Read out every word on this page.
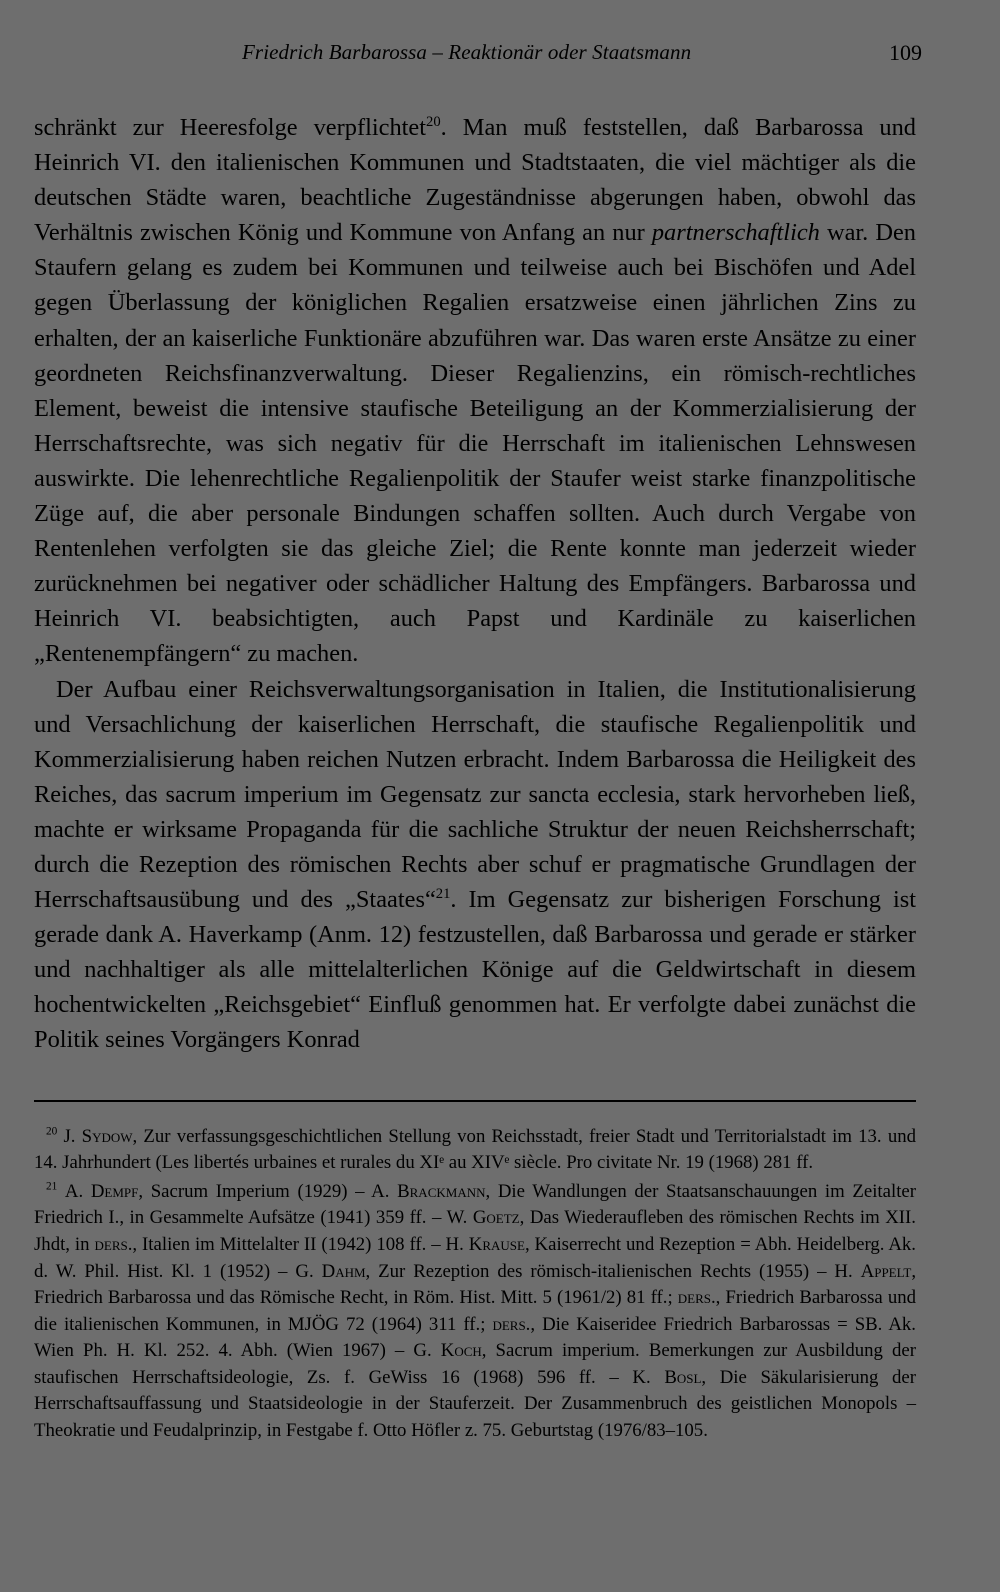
Friedrich Barbarossa – Reaktionär oder Staatsmann	109

schränkt zur Heeresfolge verpflichtet$^{20}$. Man muß feststellen, daß Barbarossa und Heinrich VI. den italienischen Kommunen und Stadtstaaten, die viel mächtiger als die deutschen Städte waren, beachtliche Zugeständnisse abgerungen haben, obwohl das Verhältnis zwischen König und Kommune von Anfang an nur partnerschaftlich war. Den Staufern gelang es zudem bei Kommunen und teilweise auch bei Bischöfen und Adel gegen Überlassung der königlichen Regalien ersatzweise einen jährlichen Zins zu erhalten, der an kaiserliche Funktionäre abzuführen war. Das waren erste Ansätze zu einer geordneten Reichsfinanzverwaltung. Dieser Regalienzins, ein römisch-rechtliches Element, beweist die intensive staufische Beteiligung an der Kommerzialisierung der Herrschaftsrechte, was sich negativ für die Herrschaft im italienischen Lehnswesen auswirkte. Die lehenrechtliche Regalienpolitik der Staufer weist starke finanzpolitische Züge auf, die aber personale Bindungen schaffen sollten. Auch durch Vergabe von Rentenlehen verfolgten sie das gleiche Ziel; die Rente konnte man jederzeit wieder zurücknehmen bei negativer oder schädlicher Haltung des Empfängers. Barbarossa und Heinrich VI. beabsichtigten, auch Papst und Kardinäle zu kaiserlichen „Rentenempfängern“ zu machen.

Der Aufbau einer Reichsverwaltungsorganisation in Italien, die Institutionalisierung und Versachlichung der kaiserlichen Herrschaft, die staufische Regalienpolitik und Kommerzialisierung haben reichen Nutzen erbracht. Indem Barbarossa die Heiligkeit des Reiches, das sacrum imperium im Gegensatz zur sancta ecclesia, stark hervorheben ließ, machte er wirksame Propaganda für die sachliche Struktur der neuen Reichsherrschaft; durch die Rezeption des römischen Rechts aber schuf er pragmatische Grundlagen der Herrschaftsausübung und des „Staates“$^{21}$. Im Gegensatz zur bisherigen Forschung ist gerade dank A. Haverkamp (Anm. 12) festzustellen, daß Barbarossa und gerade er stärker und nachhaltiger als alle mittelalterlichen Könige auf die Geldwirtschaft in diesem hochentwickelten „Reichsgebiet“ Einfluß genommen hat. Er verfolgte dabei zunächst die Politik seines Vorgängers Konrad

$^{20}$ J. Sydow, Zur verfassungsgeschichtlichen Stellung von Reichsstadt, freier Stadt und Territorialstadt im 13. und 14. Jahrhundert (Les libertés urbaines et rurales du XIᵉ au XIVᵉ siècle. Pro civitate Nr. 19 (1968) 281 ff.

$^{21}$ A. Dempf, Sacrum Imperium (1929) – A. Brackmann, Die Wandlungen der Staatsanschauungen im Zeitalter Friedrich I., in Gesammelte Aufsätze (1941) 359 ff. – W. Goetz, Das Wiederaufleben des römischen Rechts im XII. Jhdt, in ders., Italien im Mittelalter II (1942) 108 ff. – H. Krause, Kaiserrecht und Rezeption = Abh. Heidelberg. Ak. d. W. Phil. Hist. Kl. 1 (1952) – G. Dahm, Zur Rezeption des römisch-italienischen Rechts (1955) – H. Appelt, Friedrich Barbarossa und das Römische Recht, in Röm. Hist. Mitt. 5 (1961/2) 81 ff.; ders., Friedrich Barbarossa und die italienischen Kommunen, in MJÖG 72 (1964) 311 ff.; ders., Die Kaiseridee Friedrich Barbarossas = SB. Ak. Wien Ph. H. Kl. 252. 4. Abh. (Wien 1967) – G. Koch, Sacrum imperium. Bemerkungen zur Ausbildung der staufischen Herrschaftsideologie, Zs. f. GeWiss 16 (1968) 596 ff. – K. Bosl, Die Säkularisierung der Herrschaftsauffassung und Staatsideologie in der Stauferzeit. Der Zusammenbruch des geistlichen Monopols – Theokratie und Feudalprinzip, in Festgabe f. Otto Höfler z. 75. Geburtstag (1976/83–105.
